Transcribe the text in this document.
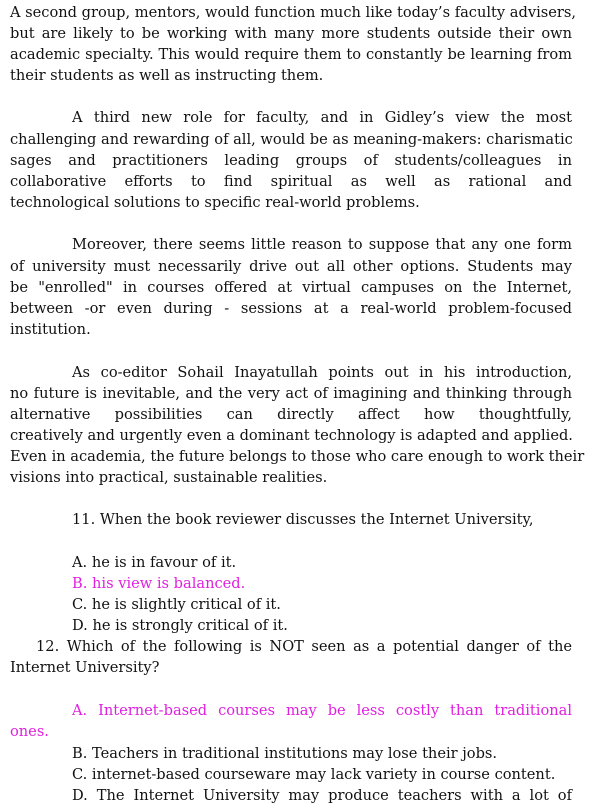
A second group, mentors, would function much like today’s faculty advisers,
but are likely to be working with many more students outside their own
academic specialty. This would require them to constantly be learning from
their students as well as instructing them.
A third new role for faculty, and in Gidley’s view the most
challenging and rewarding of all, would be as meaning-makers: charismatic
sages and practitioners leading groups of students/colleagues in
collaborative efforts to find spiritual as well as rational and
technological solutions to specific real-world problems.
Moreover, there seems little reason to suppose that any one form
of university must necessarily drive out all other options. Students may
be "enrolled" in courses offered at virtual campuses on the Internet,
between -or even during - sessions at a real-world problem-focused
institution.
As co-editor Sohail Inayatullah points out in his introduction,
no future is inevitable, and the very act of imagining and thinking through
alternative possibilities can directly affect how thoughtfully,
creatively and urgently even a dominant technology is adapted and applied.
Even in academia, the future belongs to those who care enough to work their
visions into practical, sustainable realities.
11. When the book reviewer discusses the Internet University,
A. he is in favour of it.
B. his view is balanced.
C. he is slightly critical of it.
D. he is strongly critical of it.
12. Which of the following is NOT seen as a potential danger of the
Internet University?
A. Internet-based courses may be less costly than traditional
ones.
B. Teachers in traditional institutions may lose their jobs.
C. internet-based courseware may lack variety in course content.
D. The Internet University may produce teachers with a lot of
